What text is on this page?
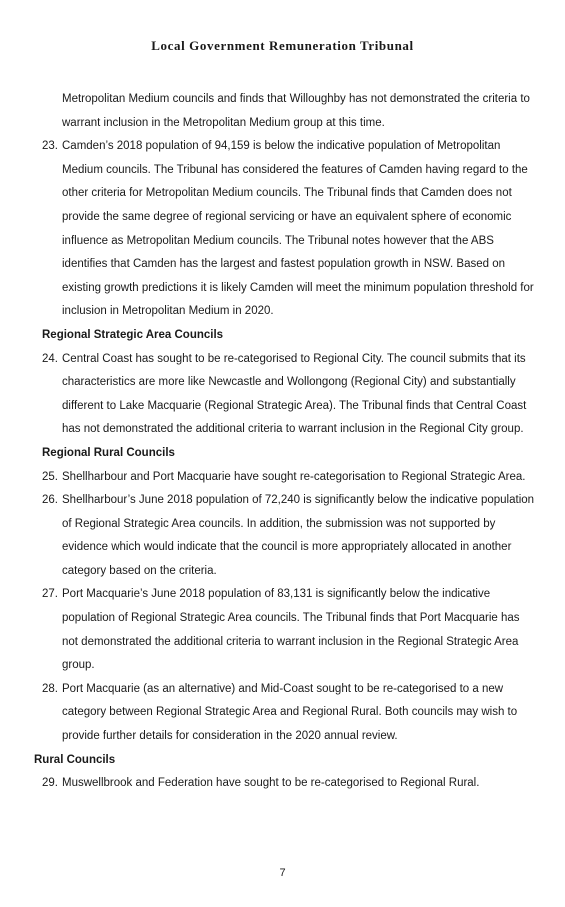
Local Government Remuneration Tribunal

Metropolitan Medium councils and finds that Willoughby has not demonstrated the criteria to warrant inclusion in the Metropolitan Medium group at this time.

23. Camden’s 2018 population of 94,159 is below the indicative population of Metropolitan Medium councils. The Tribunal has considered the features of Camden having regard to the other criteria for Metropolitan Medium councils. The Tribunal finds that Camden does not provide the same degree of regional servicing or have an equivalent sphere of economic influence as Metropolitan Medium councils. The Tribunal notes however that the ABS identifies that Camden has the largest and fastest population growth in NSW. Based on existing growth predictions it is likely Camden will meet the minimum population threshold for inclusion in Metropolitan Medium in 2020.

Regional Strategic Area Councils

24. Central Coast has sought to be re-categorised to Regional City. The council submits that its characteristics are more like Newcastle and Wollongong (Regional City) and substantially different to Lake Macquarie (Regional Strategic Area). The Tribunal finds that Central Coast has not demonstrated the additional criteria to warrant inclusion in the Regional City group.

Regional Rural Councils

25. Shellharbour and Port Macquarie have sought re-categorisation to Regional Strategic Area.
26. Shellharbour’s June 2018 population of 72,240 is significantly below the indicative population of Regional Strategic Area councils. In addition, the submission was not supported by evidence which would indicate that the council is more appropriately allocated in another category based on the criteria.
27. Port Macquarie’s June 2018 population of 83,131 is significantly below the indicative population of Regional Strategic Area councils. The Tribunal finds that Port Macquarie has not demonstrated the additional criteria to warrant inclusion in the Regional Strategic Area group.
28. Port Macquarie (as an alternative) and Mid-Coast sought to be re-categorised to a new category between Regional Strategic Area and Regional Rural. Both councils may wish to provide further details for consideration in the 2020 annual review.

Rural Councils

29. Muswellbrook and Federation have sought to be re-categorised to Regional Rural.
7
